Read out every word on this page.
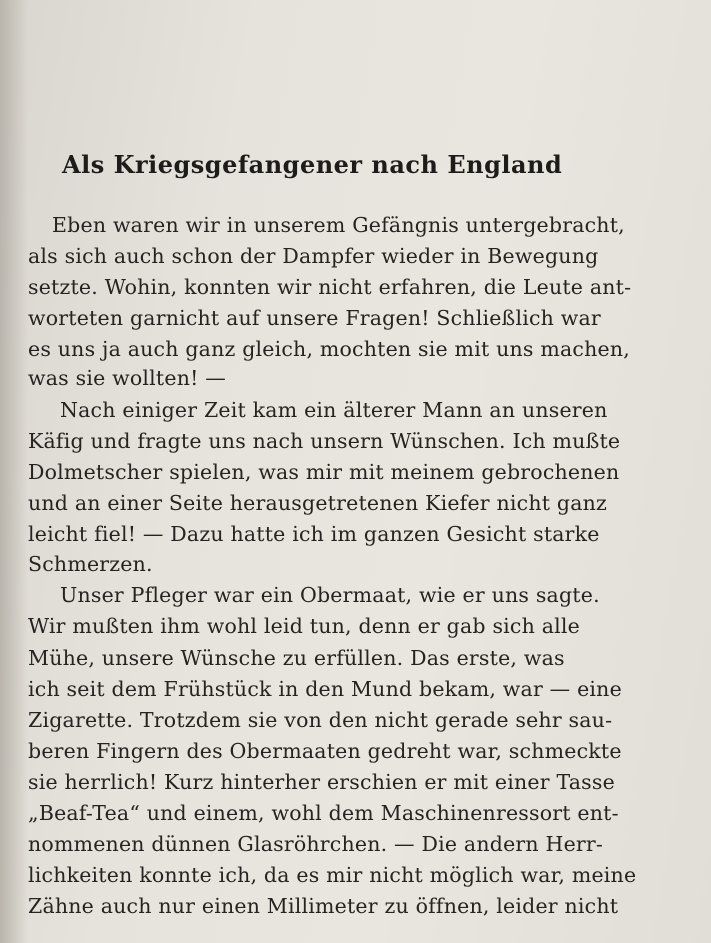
Als Kriegsgefangener nach England
Eben waren wir in unserem Gefängnis untergebracht,
als sich auch schon der Dampfer wieder in Bewegung
setzte. Wohin, konnten wir nicht erfahren, die Leute ant-
worteten garnicht auf unsere Fragen! Schließlich war
es uns ja auch ganz gleich, mochten sie mit uns machen,
was sie wollten! —
Nach einiger Zeit kam ein älterer Mann an unseren
Käfig und fragte uns nach unsern Wünschen. Ich mußte
Dolmetscher spielen, was mir mit meinem gebrochenen
und an einer Seite herausgetretenen Kiefer nicht ganz
leicht fiel! — Dazu hatte ich im ganzen Gesicht starke
Schmerzen.
Unser Pfleger war ein Obermaat, wie er uns sagte.
Wir mußten ihm wohl leid tun, denn er gab sich alle
Mühe, unsere Wünsche zu erfüllen. Das erste, was
ich seit dem Frühstück in den Mund bekam, war — eine
Zigarette. Trotzdem sie von den nicht gerade sehr sau-
beren Fingern des Obermaaten gedreht war, schmeckte
sie herrlich! Kurz hinterher erschien er mit einer Tasse
„Beaf-Tea“ und einem, wohl dem Maschinenressort ent-
nommenen dünnen Glasröhrchen. — Die andern Herr-
lichkeiten konnte ich, da es mir nicht möglich war, meine
Zähne auch nur einen Millimeter zu öffnen, leider nicht
